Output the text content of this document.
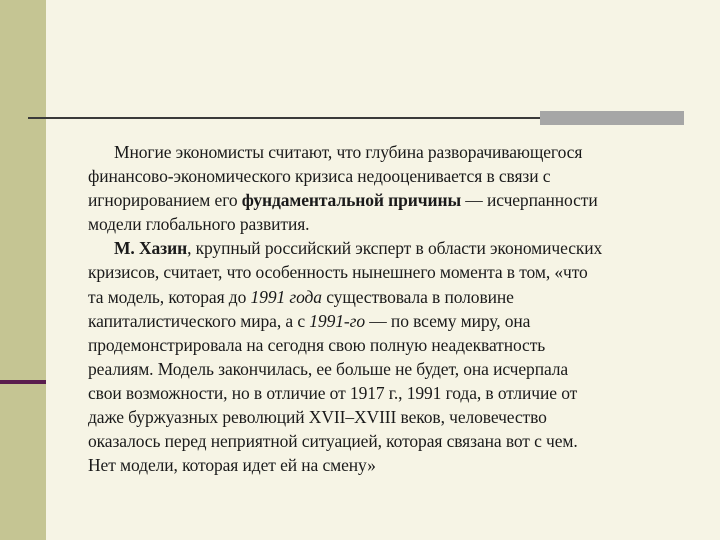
Многие экономисты считают, что глубина разворачивающегося
финансово-экономического кризиса недооценивается в связи с
игнорированием его фундаментальной причины — исчерпанности
модели глобального развития.
М. Хазин, крупный российский эксперт в области экономических
кризисов, считает, что особенность нынешнего момента в том, «что
та модель, которая до 1991 года существовала в половине
капиталистического мира, а с 1991-го — по всему миру, она
продемонстрировала на сегодня свою полную неадекватность
реалиям. Модель закончилась, ее больше не будет, она исчерпала
свои возможности, но в отличие от 1917 г., 1991 года, в отличие от
даже буржуазных революций XVII–XVIII веков, человечество
оказалось перед неприятной ситуацией, которая связана вот с чем.
Нет модели, которая идет ей на смену»
